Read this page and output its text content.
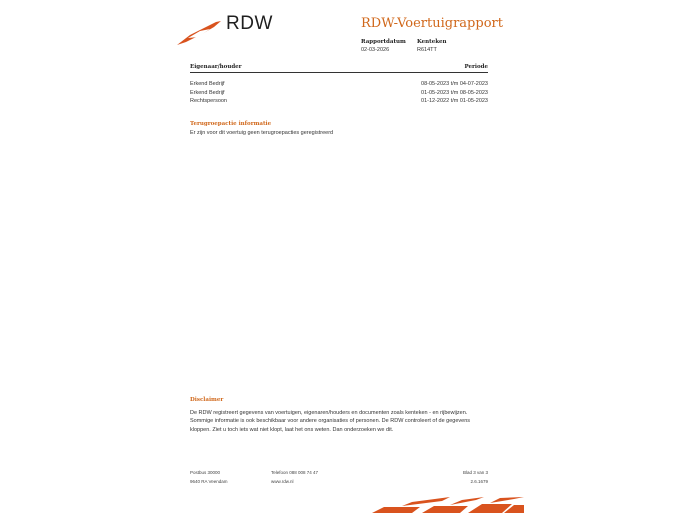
RDW	RDW-Voertuigrapport
Rapportdatum
02-03-2026
Kenteken
R614TT
Eigenaar/houder	Periode
Erkend Bedrijf	08-05-2023 t/m 04-07-2023
Erkend Bedrijf	01-05-2023 t/m 08-05-2023
Rechtspersoon	01-12-2022 t/m 01-05-2023
Terugroepactie informatie
Er zijn voor dit voertuig geen terugroepacties geregistreerd
Disclaimer
De RDW registreert gegevens van voertuigen, eigenaren/houders en documenten zoals kenteken - en rijbewijzen.
Sommige informatie is ook beschikbaar voor andere organisaties of personen. De RDW controleert of de gegevens
kloppen. Ziet u toch iets wat niet klopt, laat het ons weten. Dan onderzoeken we dit.
Postbus 30000
9640 RA Veendam
Telefoon 088 008 74 47
www.rdw.nl
Blad 3 van 3
2.6.1679
